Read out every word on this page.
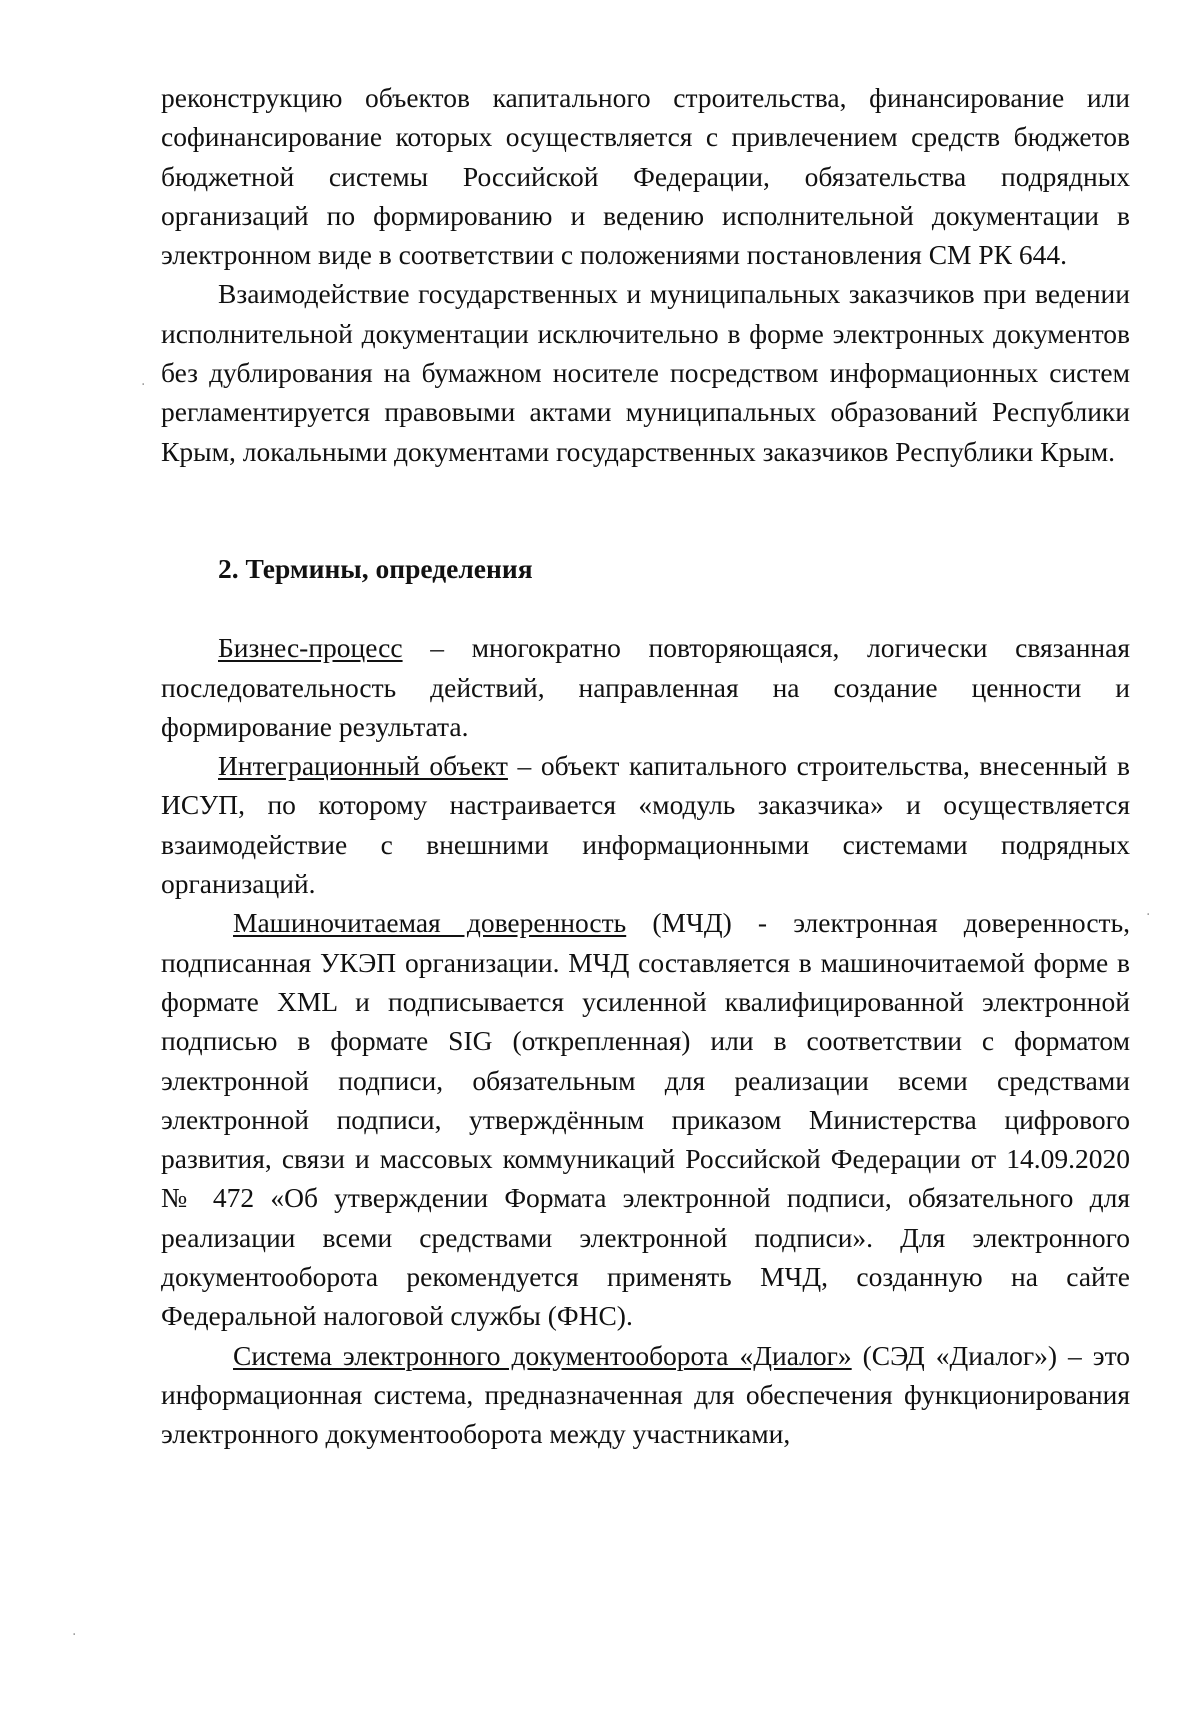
реконструкцию объектов капитального строительства, финансирование или софинансирование которых осуществляется с привлечением средств бюджетов бюджетной системы Российской Федерации, обязательства подрядных организаций по формированию и ведению исполнительной документации в электронном виде в соответствии с положениями постановления СМ РК 644.

Взаимодействие государственных и муниципальных заказчиков при ведении исполнительной документации исключительно в форме электронных документов без дублирования на бумажном носителе посредством информационных систем регламентируется правовыми актами муниципальных образований Республики Крым, локальными документами государственных заказчиков Республики Крым.

2. Термины, определения

Бизнес-процесс – многократно повторяющаяся, логически связанная последовательность действий, направленная на создание ценности и формирование результата.

Интеграционный объект – объект капитального строительства, внесенный в ИСУП, по которому настраивается «модуль заказчика» и осуществляется взаимодействие с внешними информационными системами подрядных организаций.

Машиночитаемая доверенность (МЧД) - электронная доверенность, подписанная УКЭП организации. МЧД составляется в машиночитаемой форме в формате XML и подписывается усиленной квалифицированной электронной подписью в формате SIG (открепленная) или в соответствии с форматом электронной подписи, обязательным для реализации всеми средствами электронной подписи, утверждённым приказом Министерства цифрового развития, связи и массовых коммуникаций Российской Федерации от 14.09.2020 № 472 «Об утверждении Формата электронной подписи, обязательного для реализации всеми средствами электронной подписи». Для электронного документооборота рекомендуется применять МЧД, созданную на сайте Федеральной налоговой службы (ФНС).

Система электронного документооборота «Диалог» (СЭД «Диалог») – это информационная система, предназначенная для обеспечения функционирования электронного документооборота между участниками,

·
·
·
